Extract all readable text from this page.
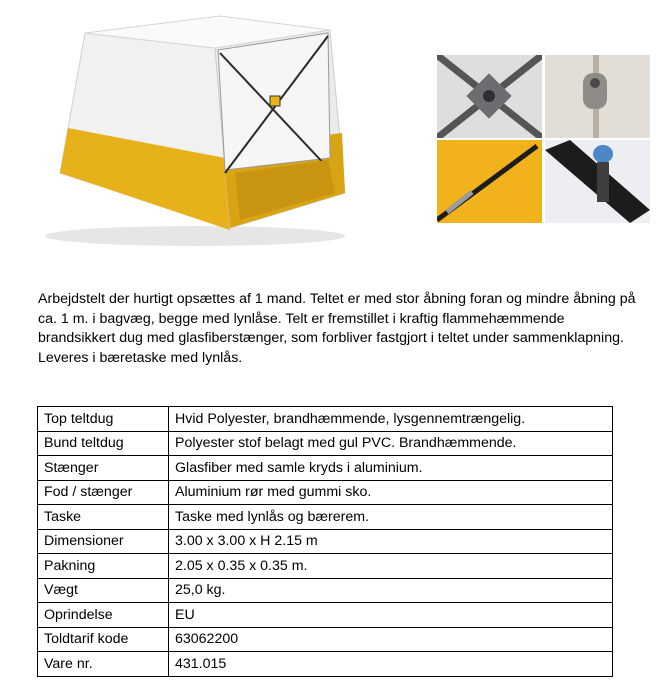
Arbejdstelt der hurtigt opsættes af 1 mand. Teltet er med stor åbning foran og mindre åbning på ca. 1 m. i bagvæg, begge med lynlåse. Telt er fremstillet i kraftig flammehæmmende brandsikkert dug med glasfiberstænger, som forbliver fastgjort i teltet under sammenklapning. Leveres i bæretaske med lynlås.

Top teltdug	Hvid Polyester, brandhæmmende, lysgennemtrængelig.
Bund teltdug	Polyester stof belagt med gul PVC. Brandhæmmende.
Stænger	Glasfiber med samle kryds i aluminium.
Fod / stænger	Aluminium rør med gummi sko.
Taske	Taske med lynlås og bærerem.
Dimensioner	3.00 x 3.00 x H 2.15 m
Pakning	2.05 x 0.35 x 0.35 m.
Vægt	25,0 kg.
Oprindelse	EU
Toldtarif kode	63062200
Vare nr.	431.015
